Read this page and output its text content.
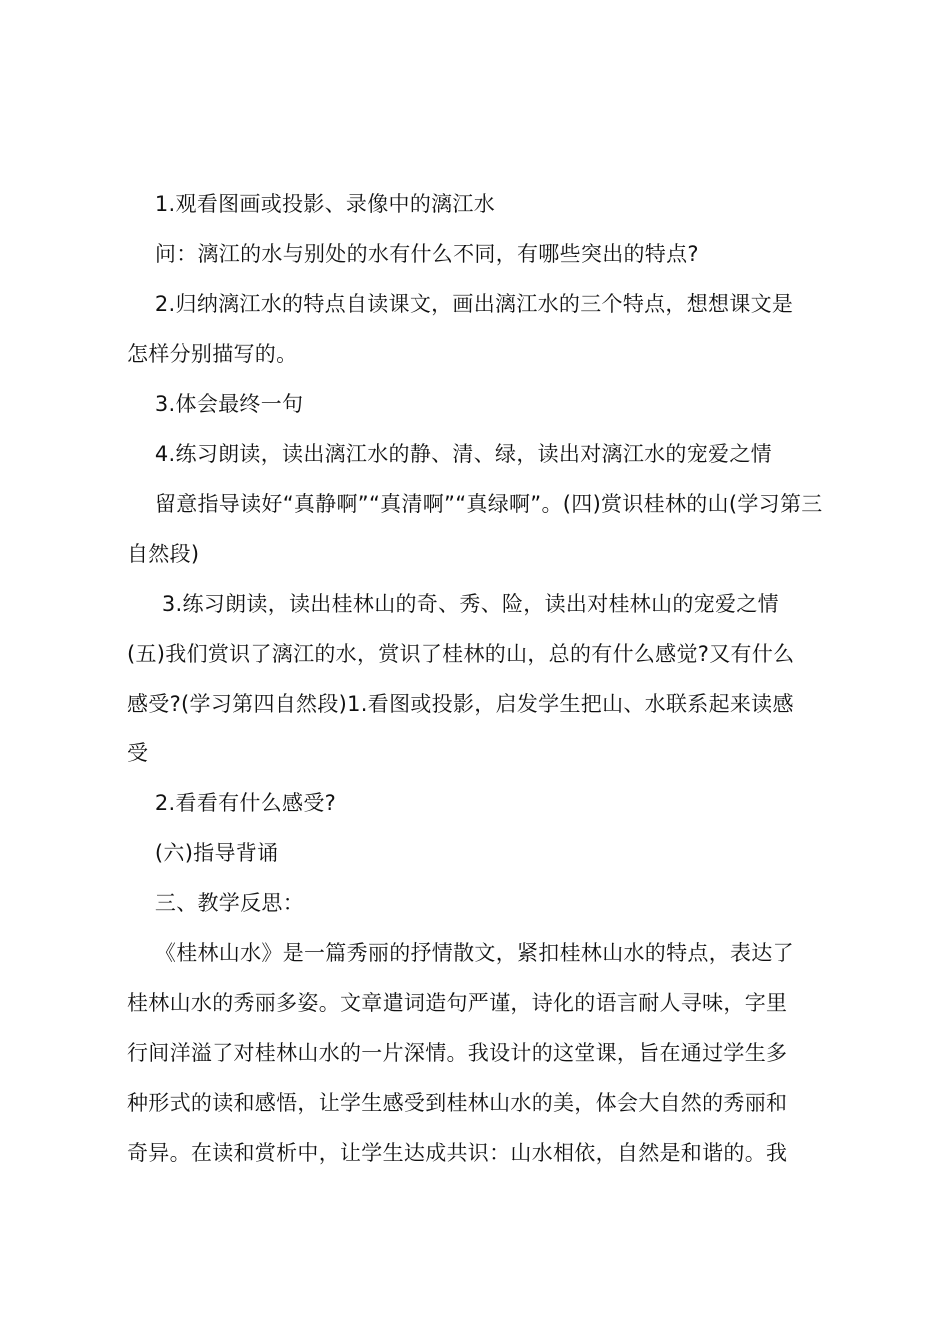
1.观看图画或投影、录像中的漓江水
问：漓江的水与别处的水有什么不同，有哪些突出的特点?
2.归纳漓江水的特点自读课文，画出漓江水的三个特点，想想课文是
怎样分别描写的。
3.体会最终一句
4.练习朗读，读出漓江水的静、清、绿，读出对漓江水的宠爱之情
留意指导读好“真静啊”“真清啊”“真绿啊”。(四)赏识桂林的山(学习第三
自然段)
3.练习朗读，读出桂林山的奇、秀、险，读出对桂林山的宠爱之情
(五)我们赏识了漓江的水，赏识了桂林的山，总的有什么感觉?又有什么
感受?(学习第四自然段)1.看图或投影，启发学生把山、水联系起来读感
受
2.看看有什么感受?
(六)指导背诵
三、教学反思：
《桂林山水》是一篇秀丽的抒情散文，紧扣桂林山水的特点，表达了
桂林山水的秀丽多姿。文章遣词造句严谨，诗化的语言耐人寻味，字里
行间洋溢了对桂林山水的一片深情。我设计的这堂课，旨在通过学生多
种形式的读和感悟，让学生感受到桂林山水的美，体会大自然的秀丽和
奇异。在读和赏析中，让学生达成共识：山水相依，自然是和谐的。我
